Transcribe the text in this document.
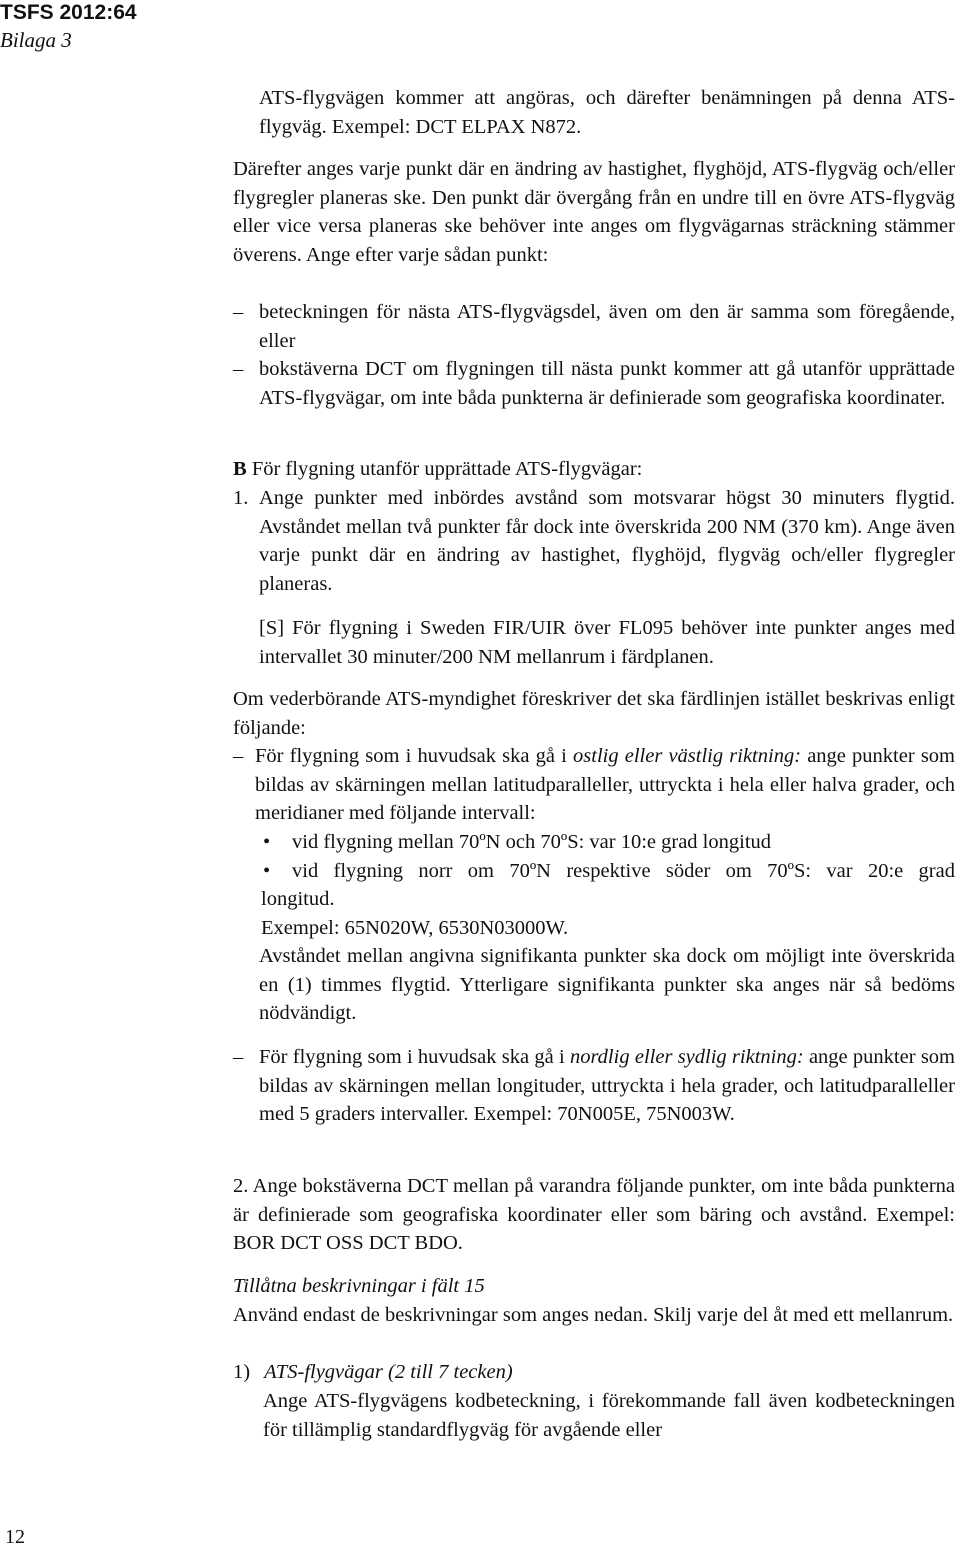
TSFS 2012:64
Bilaga 3
ATS-flygvägen kommer att angöras, och därefter benämningen på denna ATS-flygväg. Exempel: DCT ELPAX N872.
Därefter anges varje punkt där en ändring av hastighet, flyghöjd, ATS-flygväg och/eller flygregler planeras ske. Den punkt där övergång från en undre till en övre ATS-flygväg eller vice versa planeras ske behöver inte anges om flygvägarnas sträckning stämmer överens. Ange efter varje sådan punkt:
– beteckningen för nästa ATS-flygvägsdel, även om den är samma som föregående, eller
– bokstäverna DCT om flygningen till nästa punkt kommer att gå utanför upprättade ATS-flygvägar, om inte båda punkterna är definierade som geografiska koordinater.
B För flygning utanför upprättade ATS-flygvägar:
1. Ange punkter med inbördes avstånd som motsvarar högst 30 minuters flygtid. Avståndet mellan två punkter får dock inte överskrida 200 NM (370 km). Ange även varje punkt där en ändring av hastighet, flyghöjd, flygväg och/eller flygregler planeras.
[S] För flygning i Sweden FIR/UIR över FL095 behöver inte punkter anges med intervallet 30 minuter/200 NM mellanrum i färdplanen.
Om vederbörande ATS-myndighet föreskriver det ska färdlinjen istället beskrivas enligt följande:
– För flygning som i huvudsak ska gå i ostlig eller västlig riktning: ange punkter som bildas av skärningen mellan latitudparalleller, uttryckta i hela eller halva grader, och meridianer med följande intervall:
• vid flygning mellan 70ºN och 70ºS: var 10:e grad longitud
• vid flygning norr om 70ºN respektive söder om 70ºS: var 20:e grad
longitud.
Exempel: 65N020W, 6530N03000W.
Avståndet mellan angivna signifikanta punkter ska dock om möjligt inte överskrida en (1) timmes flygtid. Ytterligare signifikanta punkter ska anges när så bedöms nödvändigt.
– För flygning som i huvudsak ska gå i nordlig eller sydlig riktning: ange punkter som bildas av skärningen mellan longituder, uttryckta i hela grader, och latitudparalleller med 5 graders intervaller. Exempel: 70N005E, 75N003W.
2. Ange bokstäverna DCT mellan på varandra följande punkter, om inte båda punkterna är definierade som geografiska koordinater eller som bäring och avstånd. Exempel: BOR DCT OSS DCT BDO.
Tillåtna beskrivningar i fält 15
Använd endast de beskrivningar som anges nedan. Skilj varje del åt med ett mellanrum.
1) ATS-flygvägar (2 till 7 tecken)
Ange ATS-flygvägens kodbeteckning, i förekommande fall även kodbeteckningen för tillämplig standardflygväg för avgående eller
12
